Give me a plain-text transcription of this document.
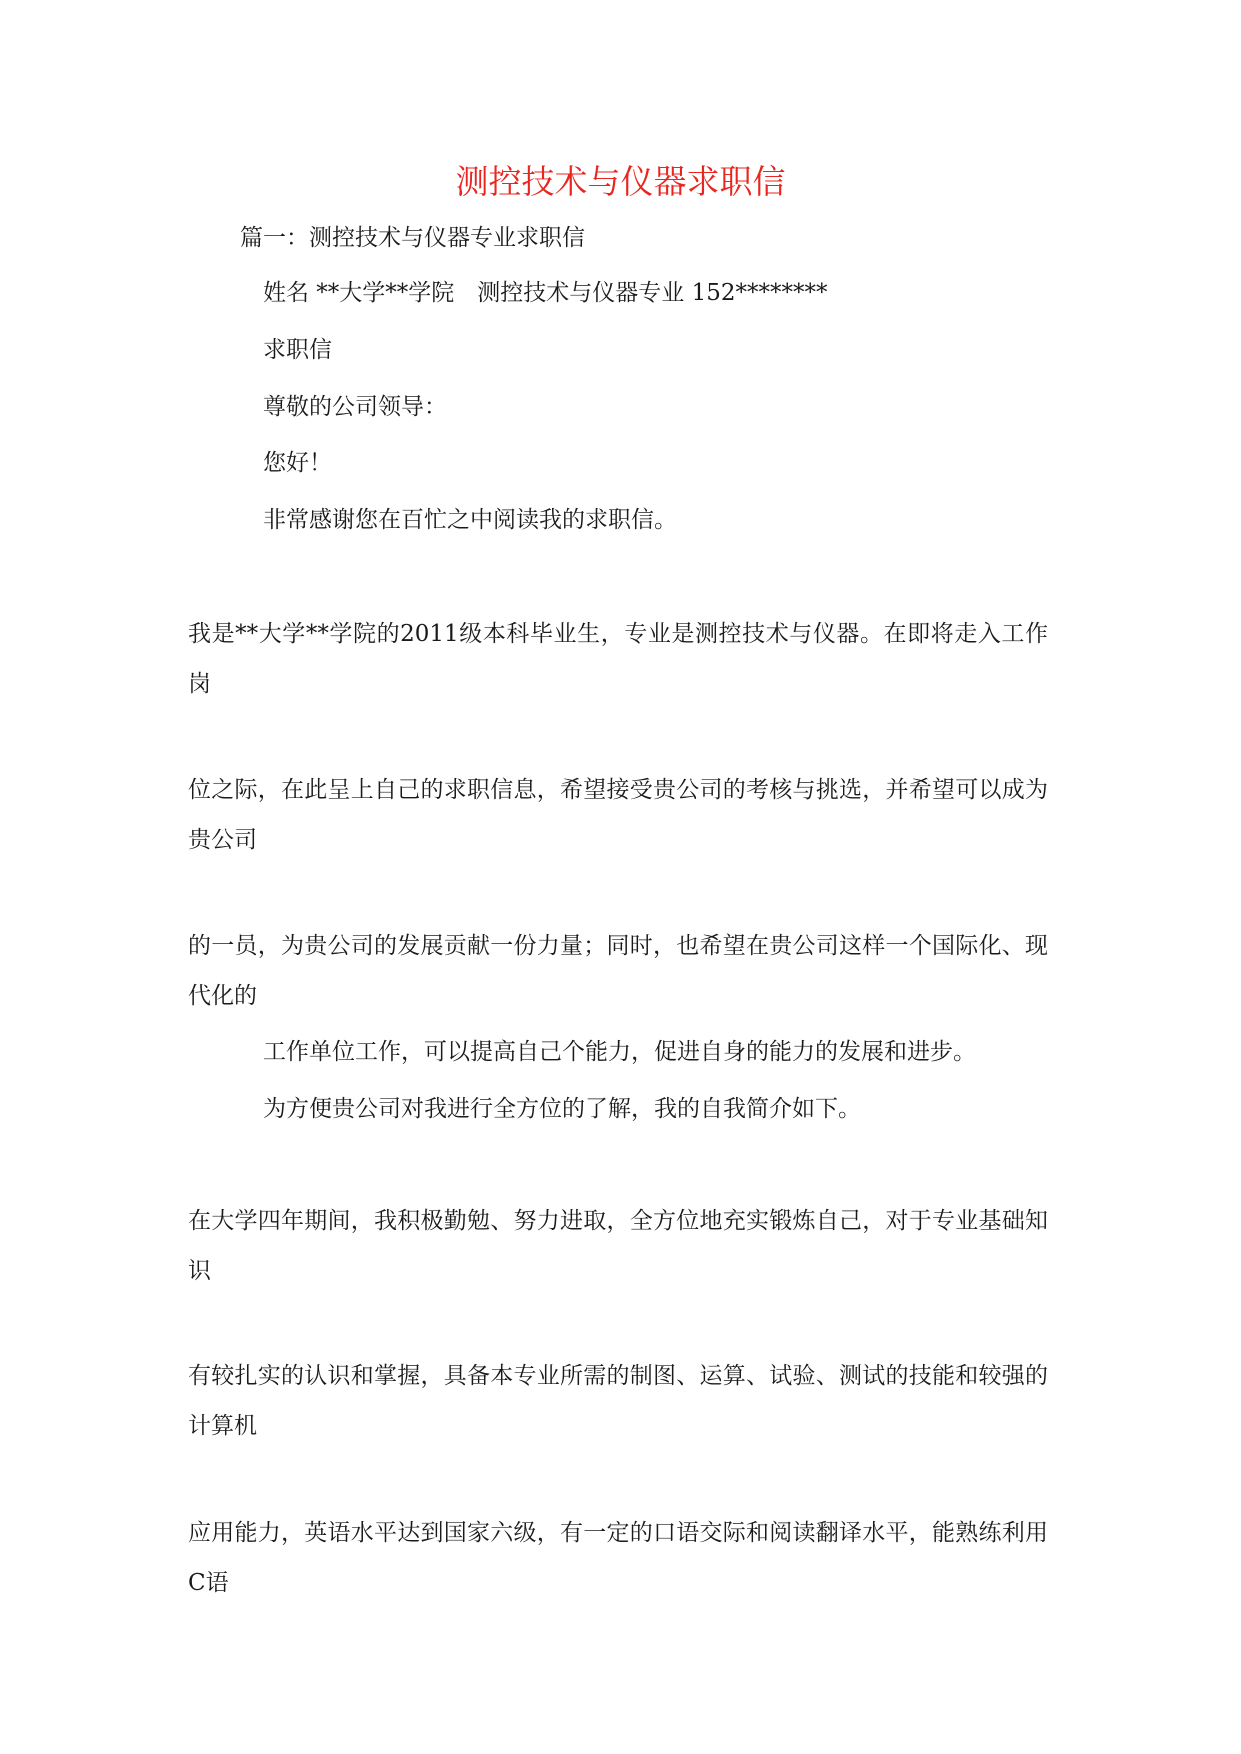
测控技术与仪器求职信

篇一：测控技术与仪器专业求职信

姓名 **大学**学院　测控技术与仪器专业 152********

求职信

尊敬的公司领导：

您好！

非常感谢您在百忙之中阅读我的求职信。

我是**大学**学院的2011级本科毕业生，专业是测控技术与仪器。在即将走入工作岗

位之际，在此呈上自己的求职信息，希望接受贵公司的考核与挑选，并希望可以成为贵公司

的一员，为贵公司的发展贡献一份力量；同时，也希望在贵公司这样一个国际化、现代化的

工作单位工作，可以提高自己个能力，促进自身的能力的发展和进步。

为方便贵公司对我进行全方位的了解，我的自我简介如下。

在大学四年期间，我积极勤勉、努力进取，全方位地充实锻炼自己，对于专业基础知识

有较扎实的认识和掌握，具备本专业所需的制图、运算、试验、测试的技能和较强的计算机

应用能力，英语水平达到国家六级，有一定的口语交际和阅读翻译水平，能熟练利用C语
